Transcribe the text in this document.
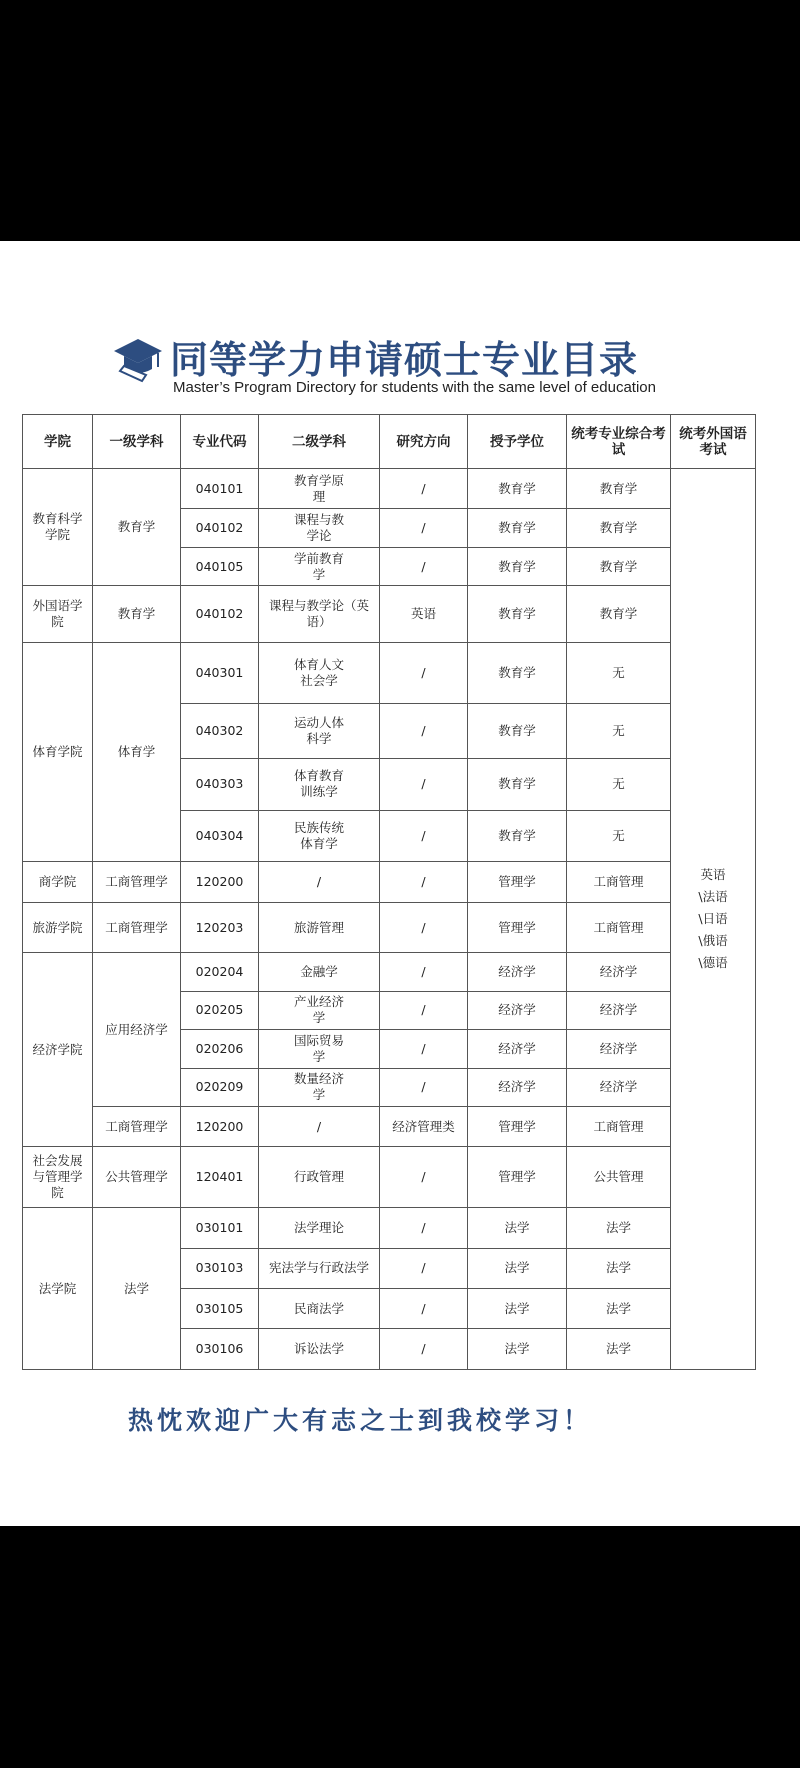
同等学力申请硕士专业目录
Master’s Program Directory for students with the same level of education
学院	一级学科	专业代码	二级学科	研究方向	授予学位	统考专业综合考试	统考外国语考试
教育科学学院	教育学	040101	教育学原理	/	教育学	教育学	英语\法语\日语\俄语\德语
		040102	课程与教学论	/	教育学	教育学	
		040105	学前教育学	/	教育学	教育学	
外国语学院	教育学	040102	课程与教学论（英语）	英语	教育学	教育学	
体育学院	体育学	040301	体育人文社会学	/	教育学	无	
		040302	运动人体科学	/	教育学	无	
		040303	体育教育训练学	/	教育学	无	
		040304	民族传统体育学	/	教育学	无	
商学院	工商管理学	120200	/	/	管理学	工商管理	
旅游学院	工商管理学	120203	旅游管理	/	管理学	工商管理	
经济学院	应用经济学	020204	金融学	/	经济学	经济学	
		020205	产业经济学	/	经济学	经济学	
		020206	国际贸易学	/	经济学	经济学	
		020209	数量经济学	/	经济学	经济学	
	工商管理学	120200	/	经济管理类	管理学	工商管理	
社会发展与管理学院	公共管理学	120401	行政管理	/	管理学	公共管理	
法学院	法学	030101	法学理论	/	法学	法学	
		030103	宪法学与行政法学	/	法学	法学	
		030105	民商法学	/	法学	法学	
		030106	诉讼法学	/	法学	法学	
热忱欢迎广大有志之士到我校学习！
